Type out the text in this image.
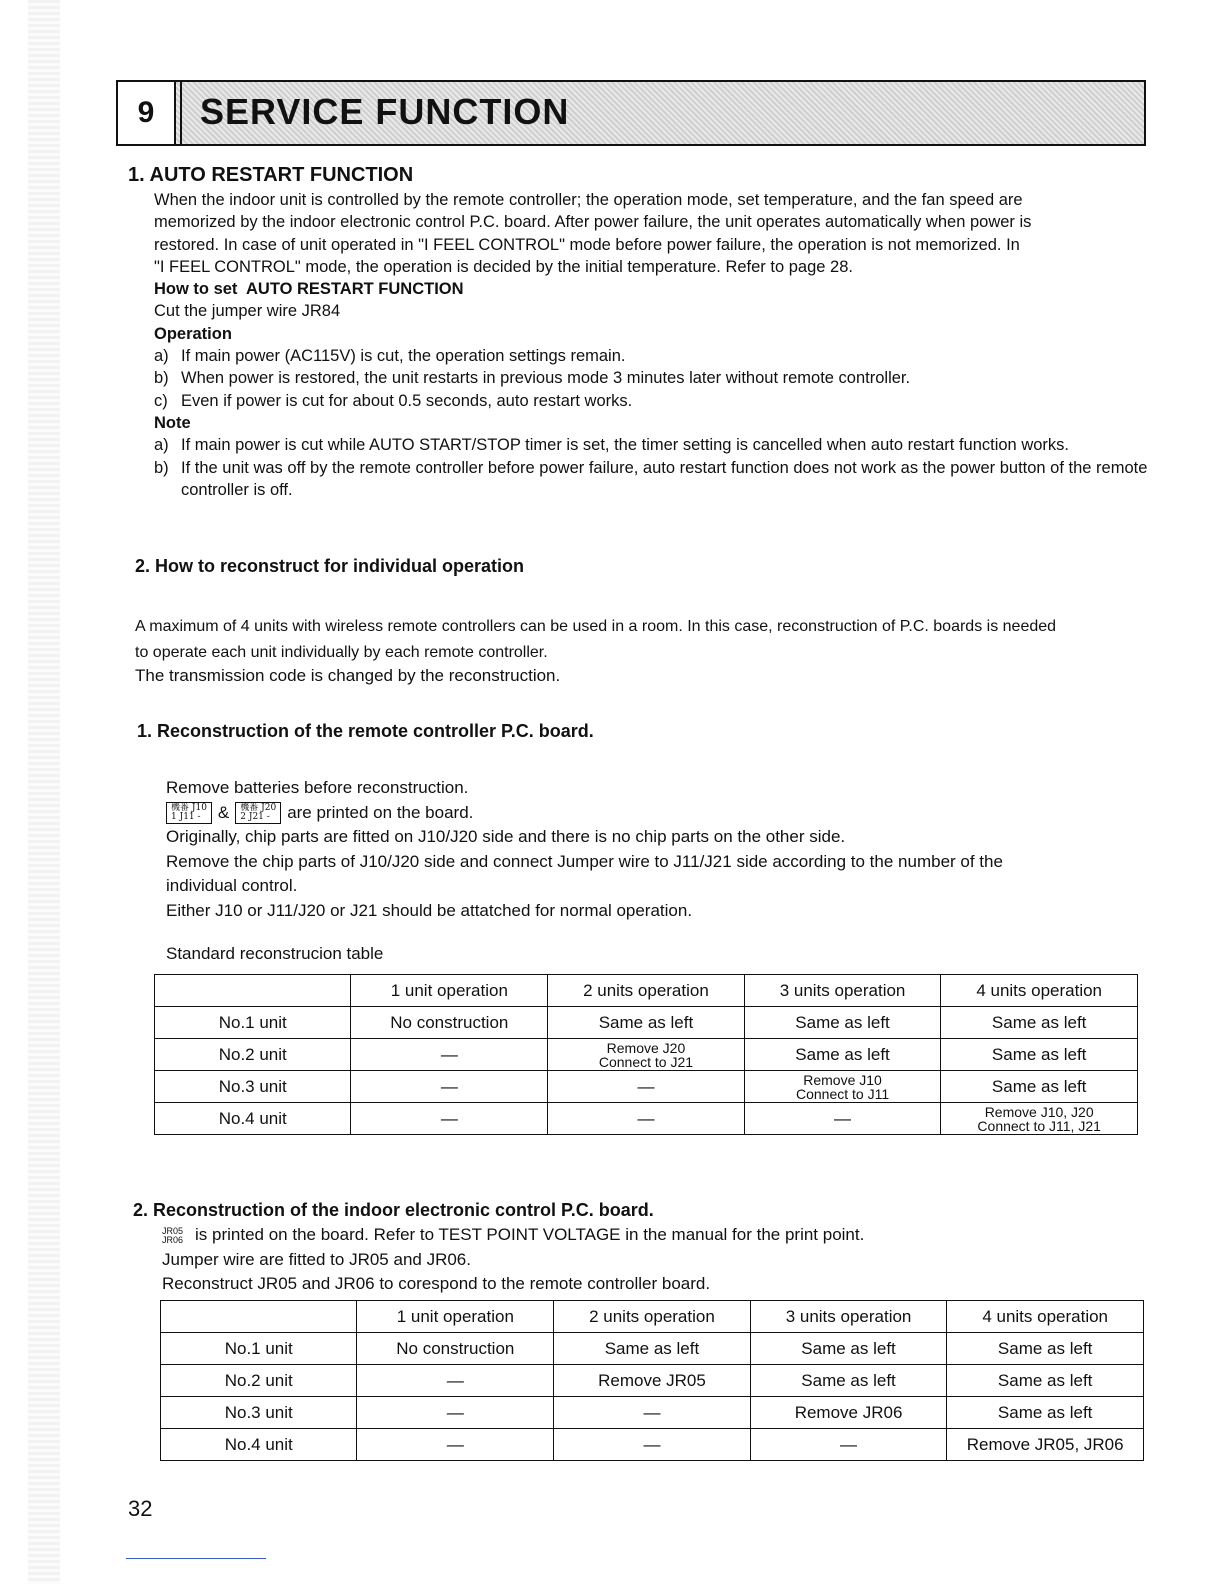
9	SERVICE FUNCTION
1. AUTO RESTART FUNCTION
When the indoor unit is controlled by the remote controller; the operation mode, set temperature, and the fan speed are
memorized by the indoor electronic control P.C. board. After power failure, the unit operates automatically when power is
restored. In case of unit operated in "I FEEL CONTROL" mode before power failure, the operation is not memorized. In
"I FEEL CONTROL" mode, the operation is decided by the initial temperature. Refer to page 28.
How to set AUTO RESTART FUNCTION
Cut the jumper wire JR84
Operation
a) If main power (AC115V) is cut, the operation settings remain.
b) When power is restored, the unit restarts in previous mode 3 minutes later without remote controller.
c) Even if power is cut for about 0.5 seconds, auto restart works.
Note
a) If main power is cut while AUTO START/STOP timer is set, the timer setting is cancelled when auto restart function works.
b) If the unit was off by the remote controller before power failure, auto restart function does not work as the power button of the remote controller is off.
2. How to reconstruct for individual operation
A maximum of 4 units with wireless remote controllers can be used in a room. In this case, reconstruction of P.C. boards is needed
to operate each unit individually by each remote controller.
The transmission code is changed by the reconstruction.
1. Reconstruction of the remote controller P.C. board.
Remove batteries before reconstruction.
機番 J10
1 J11 -	& 機番 J20
2 J21 -	are printed on the board.
Originally, chip parts are fitted on J10/J20 side and there is no chip parts on the other side.
Remove the chip parts of J10/J20 side and connect Jumper wire to J11/J21 side according to the number of the
individual control.
Either J10 or J11/J20 or J21 should be attatched for normal operation.
Standard reconstrucion table
	1 unit operation	2 units operation	3 units operation	4 units operation
No.1 unit	No construction	Same as left	Same as left	Same as left
No.2 unit	—	Remove J20
Connect to J21	Same as left	Same as left
No.3 unit	—	—	Remove J10
Connect to J11	Same as left
No.4 unit	—	—	—	Remove J10, J20
Connect to J11, J21
2. Reconstruction of the indoor electronic control P.C. board.
JR05
JR06 is printed on the board. Refer to TEST POINT VOLTAGE in the manual for the print point.
Jumper wire are fitted to JR05 and JR06.
Reconstruct JR05 and JR06 to corespond to the remote controller board.
	1 unit operation	2 units operation	3 units operation	4 units operation
No.1 unit	No construction	Same as left	Same as left	Same as left
No.2 unit	—	Remove JR05	Same as left	Same as left
No.3 unit	—	—	Remove JR06	Same as left
No.4 unit	—	—	—	Remove JR05, JR06
32
